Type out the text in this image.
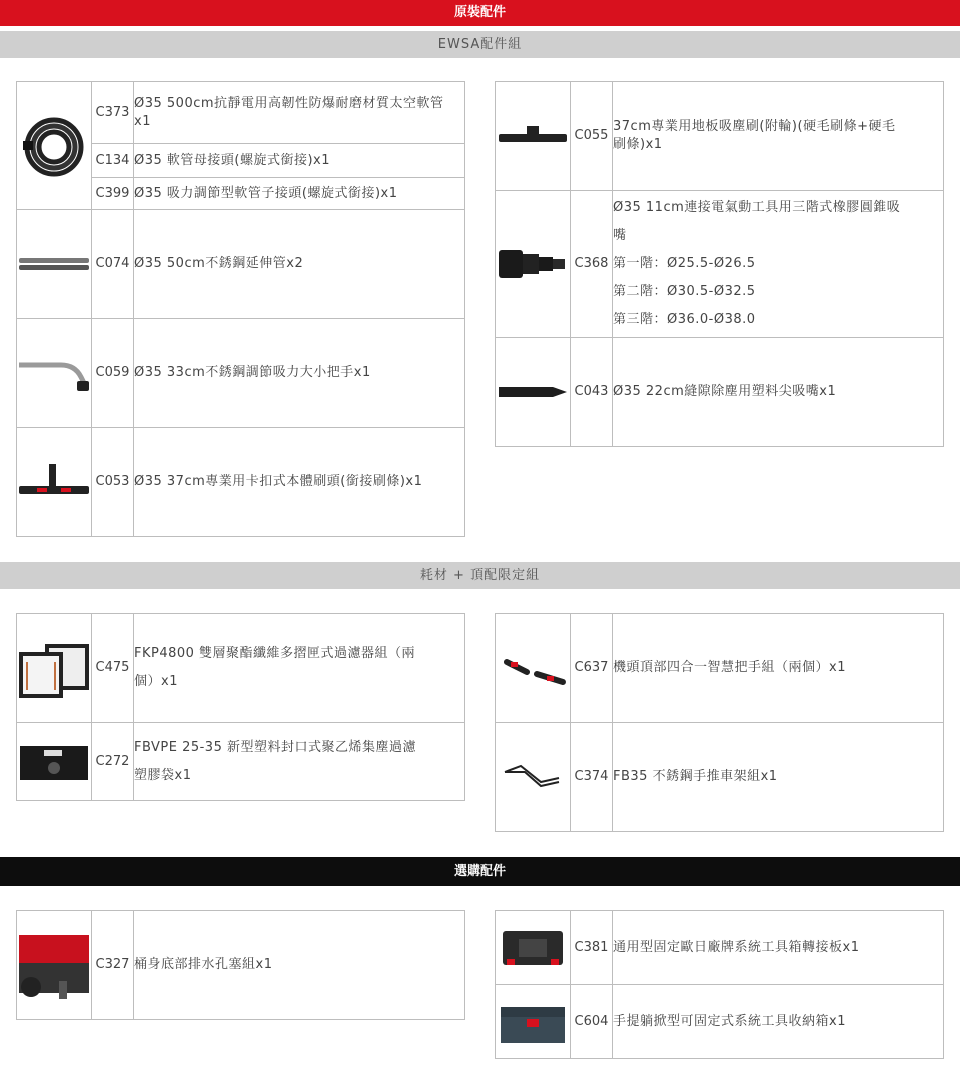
原裝配件
EWSA配件組
耗材 + 頂配限定組
選購配件
	C373	Ø35 500cm抗靜電用高韌性防爆耐磨材質太空軟管
x1

	C134	Ø35 軟管母接頭(螺旋式銜接)x1
	C399	Ø35 吸力調節型軟管子接頭(螺旋式銜接)x1

	C074	Ø35 50cm不銹鋼延伸管x2

	C059	Ø35 33cm不銹鋼調節吸力大小把手x1

	C053	Ø35 37cm專業用卡扣式本體刷頭(銜接刷條)x1
	C055	37cm專業用地板吸塵刷(附輪)(硬毛刷條+硬毛
刷條)x1

	C368	Ø35 11cm連接電氣動工具用三階式橡膠圓錐吸
嘴
第一階：Ø25.5-Ø26.5
第二階：Ø30.5-Ø32.5
第三階：Ø36.0-Ø38.0

	C043	Ø35 22cm縫隙除塵用塑料尖吸嘴x1
	C475	FKP4800 雙層聚酯纖維多摺匣式過濾器組（兩
個）x1

	C272	FBVPE 25-35 新型塑料封口式聚乙烯集塵過濾
塑膠袋x1
	C637	機頭頂部四合一智慧把手組（兩個）x1

	C374	FB35 不銹鋼手推車架組x1
	C327	桶身底部排水孔塞組x1
	C381	通用型固定歐日廠牌系統工具箱轉接板x1

	C604	手提躺掀型可固定式系統工具收納箱x1
